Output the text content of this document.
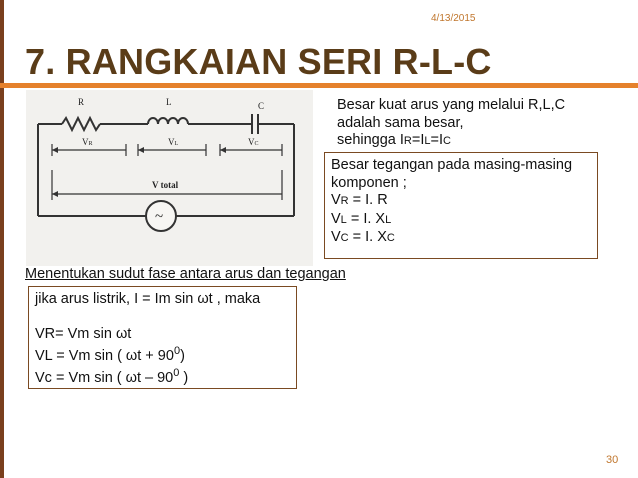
4/13/2015
7. RANGKAIAN SERI R-L-C
~
R	L	C
VR	VL	VC
V total
Besar kuat arus yang melalui R,L,C
adalah sama besar,
sehingga IR=IL=IC
Besar tegangan pada masing-masing
komponen ;
VR = I. R
VL = I. XL
VC = I. XC
Menentukan sudut fase antara arus dan tegangan
jika arus listrik, I = Im sin ωt , maka
VR= Vm sin ωt
VL = Vm sin ( $\omega t + 90^0$)
Vc = Vm sin ( ωt – $90^0$ )
30
